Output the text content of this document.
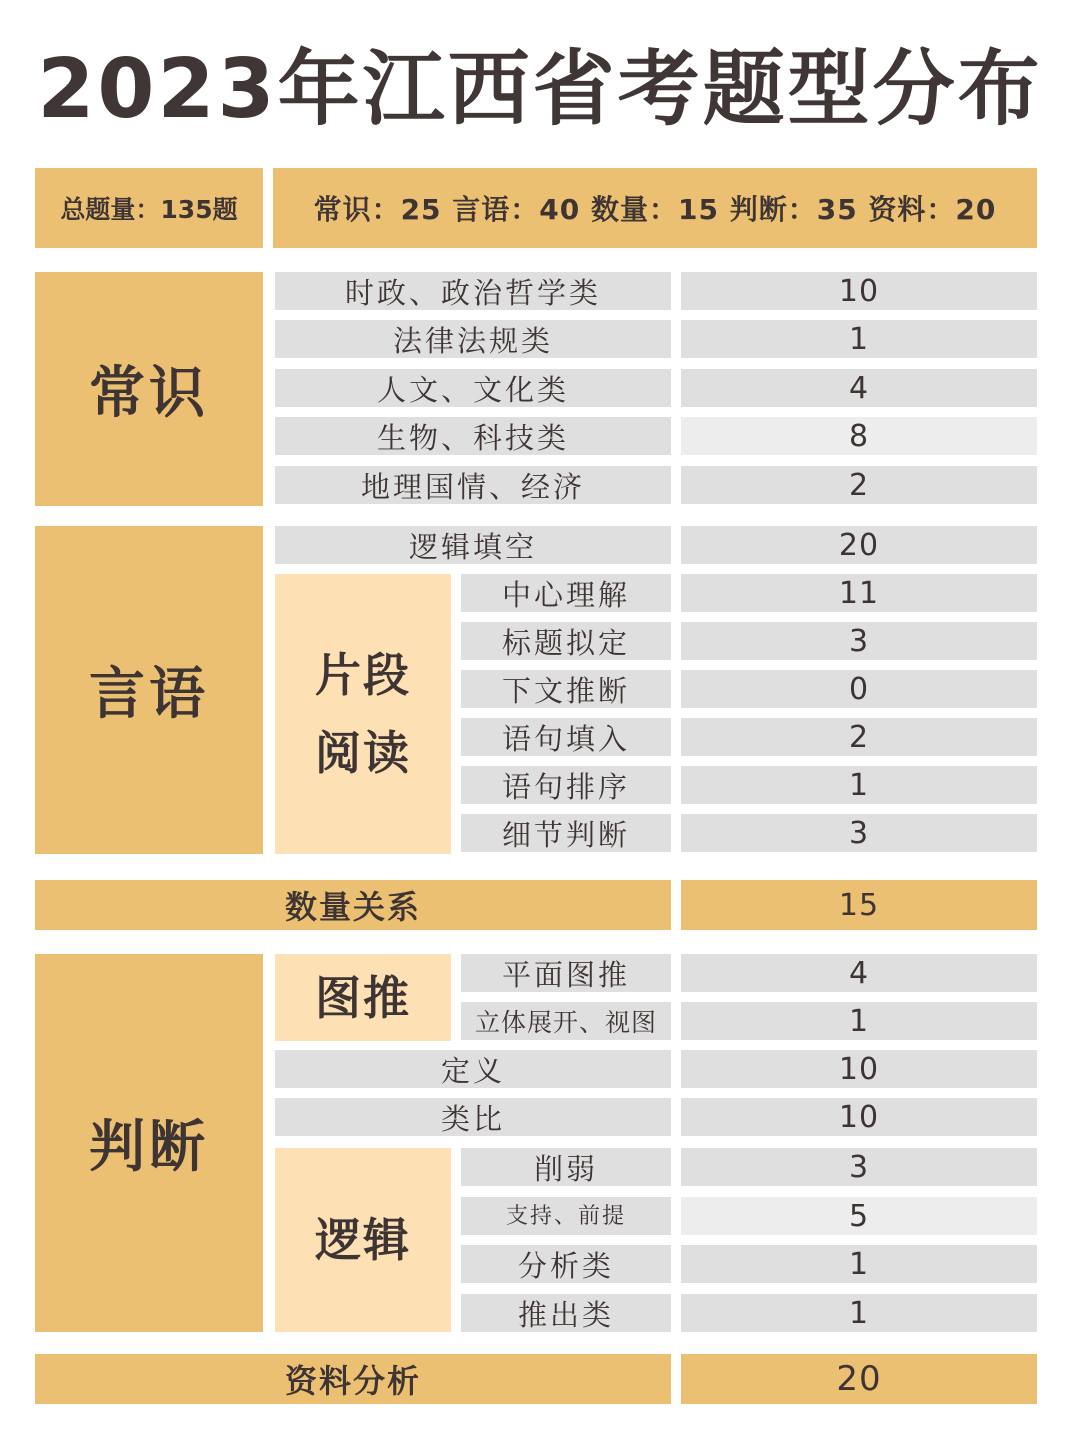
2023年江西省考题型分布
总题量：135题	常识：25 言语：40 数量：15 判断：35 资料：20
常识
时政、政治哲学类	10
法律法规类	1
人文、文化类	4
生物、科技类	8
地理国情、经济	2
言语
逻辑填空	20
片段
阅读
中心理解	11
标题拟定	3
下文推断	0
语句填入	2
语句排序	1
细节判断	3
数量关系	15
判断
图推	平面图推	4
立体展开、视图	1
定义	10
类比	10
逻辑
削弱	3
支持、前提	5
分析类	1
推出类	1
资料分析	20
